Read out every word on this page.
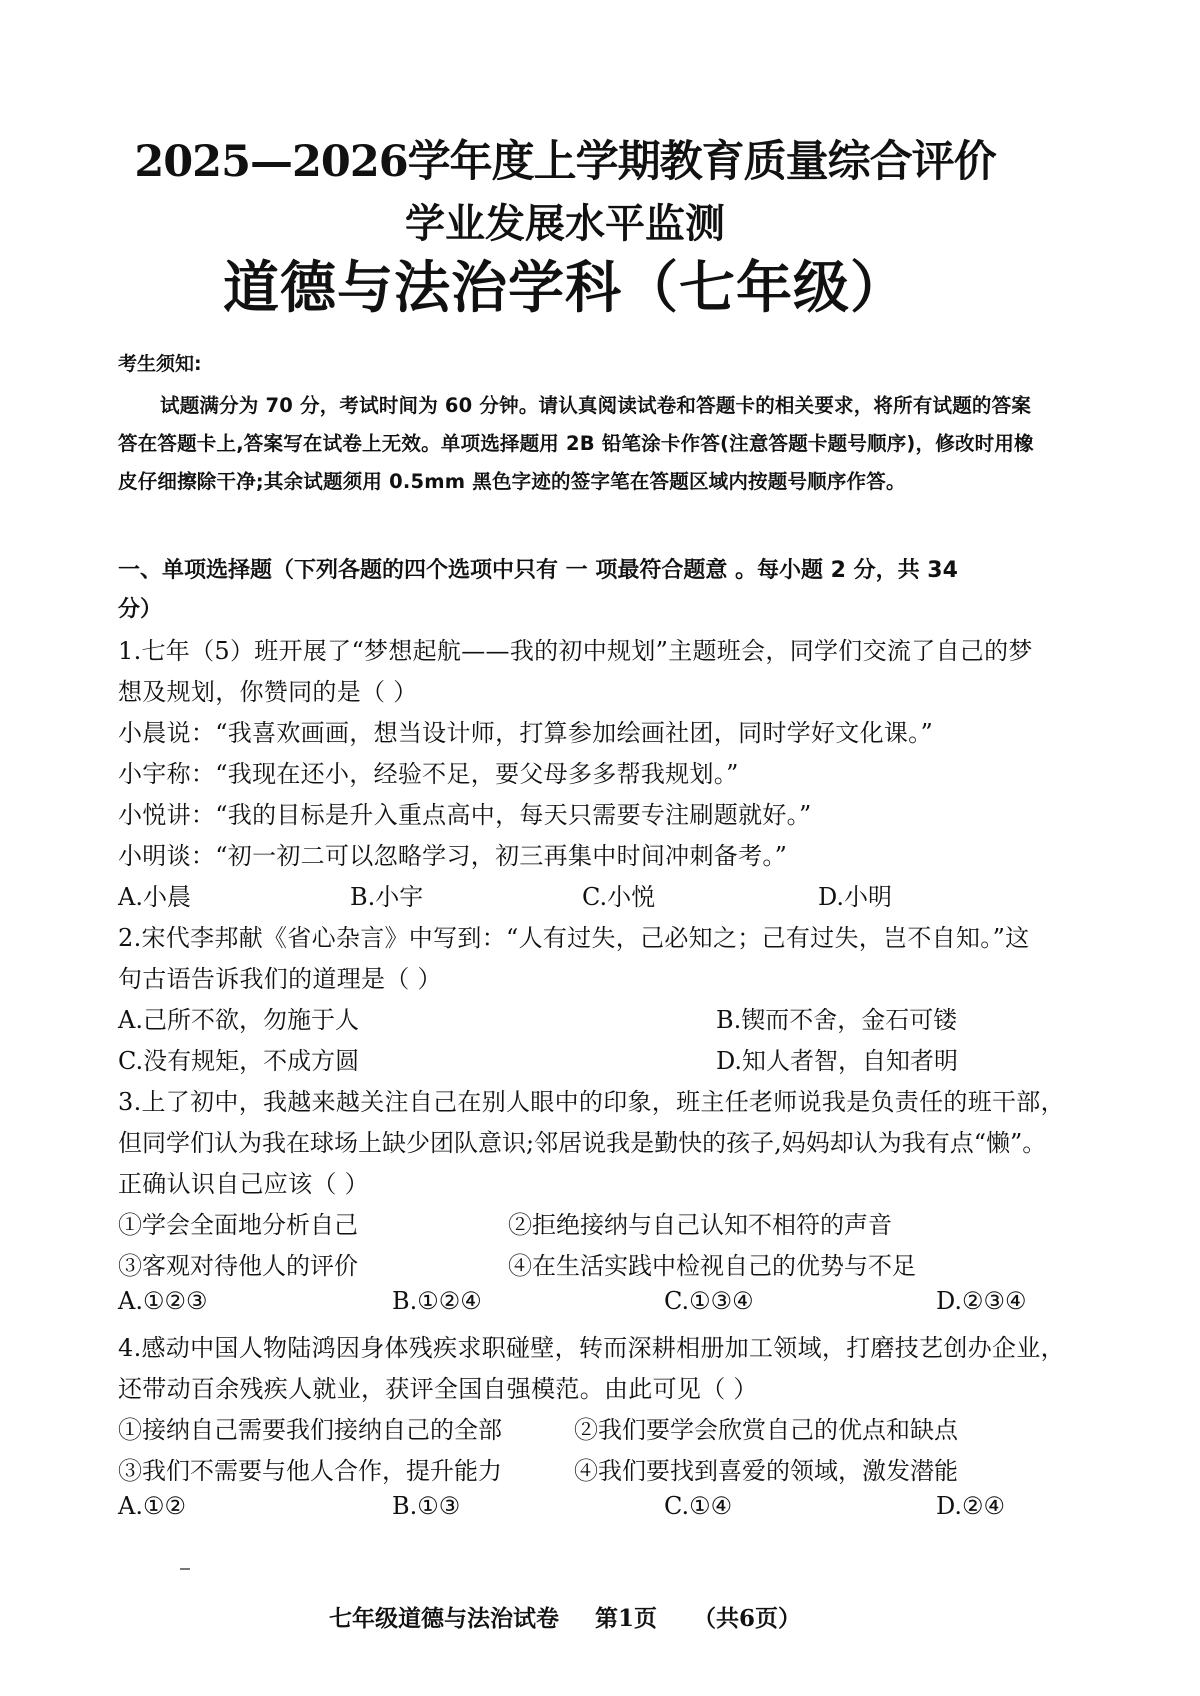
2025—2026学年度上学期教育质量综合评价
学业发展水平监测
道德与法治学科（七年级）
考生须知:
试题满分为 70 分，考试时间为 60 分钟。请认真阅读试卷和答题卡的相关要求，将所有试题的答案
答在答题卡上,答案写在试卷上无效。单项选择题用 2B 铅笔涂卡作答(注意答题卡题号顺序)，修改时用橡
皮仔细擦除干净;其余试题须用 0.5mm 黑色字迹的签字笔在答题区域内按题号顺序作答。
一、单项选择题（下列各题的四个选项中只有 一 项最符合题意 。每小题 2 分，共 34
分）
1.七年（5）班开展了“梦想起航——我的初中规划”主题班会，同学们交流了自己的梦
想及规划，你赞同的是（ ）
小晨说：“我喜欢画画，想当设计师，打算参加绘画社团，同时学好文化课。”
小宇称：“我现在还小，经验不足，要父母多多帮我规划。”
小悦讲：“我的目标是升入重点高中，每天只需要专注刷题就好。”
小明谈：“初一初二可以忽略学习，初三再集中时间冲刺备考。”
A.小晨	B.小宇	C.小悦	D.小明
2.宋代李邦献《省心杂言》中写到：“人有过失，己必知之；己有过失，岂不自知。”这
句古语告诉我们的道理是（ ）
A.己所不欲，勿施于人	B.锲而不舍，金石可镂
C.没有规矩，不成方圆	D.知人者智，自知者明
3.上了初中，我越来越关注自己在别人眼中的印象，班主任老师说我是负责任的班干部，
但同学们认为我在球场上缺少团队意识;邻居说我是勤快的孩子,妈妈却认为我有点“懒”。
正确认识自己应该（ ）
①学会全面地分析自己	②拒绝接纳与自己认知不相符的声音
③客观对待他人的评价	④在生活实践中检视自己的优势与不足
A.①②③	B.①②④	C.①③④	D.②③④
4.感动中国人物陆鸿因身体残疾求职碰壁，转而深耕相册加工领域，打磨技艺创办企业，
还带动百余残疾人就业，获评全国自强模范。由此可见（ ）
①接纳自己需要我们接纳自己的全部	②我们要学会欣赏自己的优点和缺点
③我们不需要与他人合作，提升能力	④我们要找到喜爱的领域，激发潜能
A.①②	B.①③	C.①④	D.②④
七年级道德与法治试卷 第1页 （共6页）
